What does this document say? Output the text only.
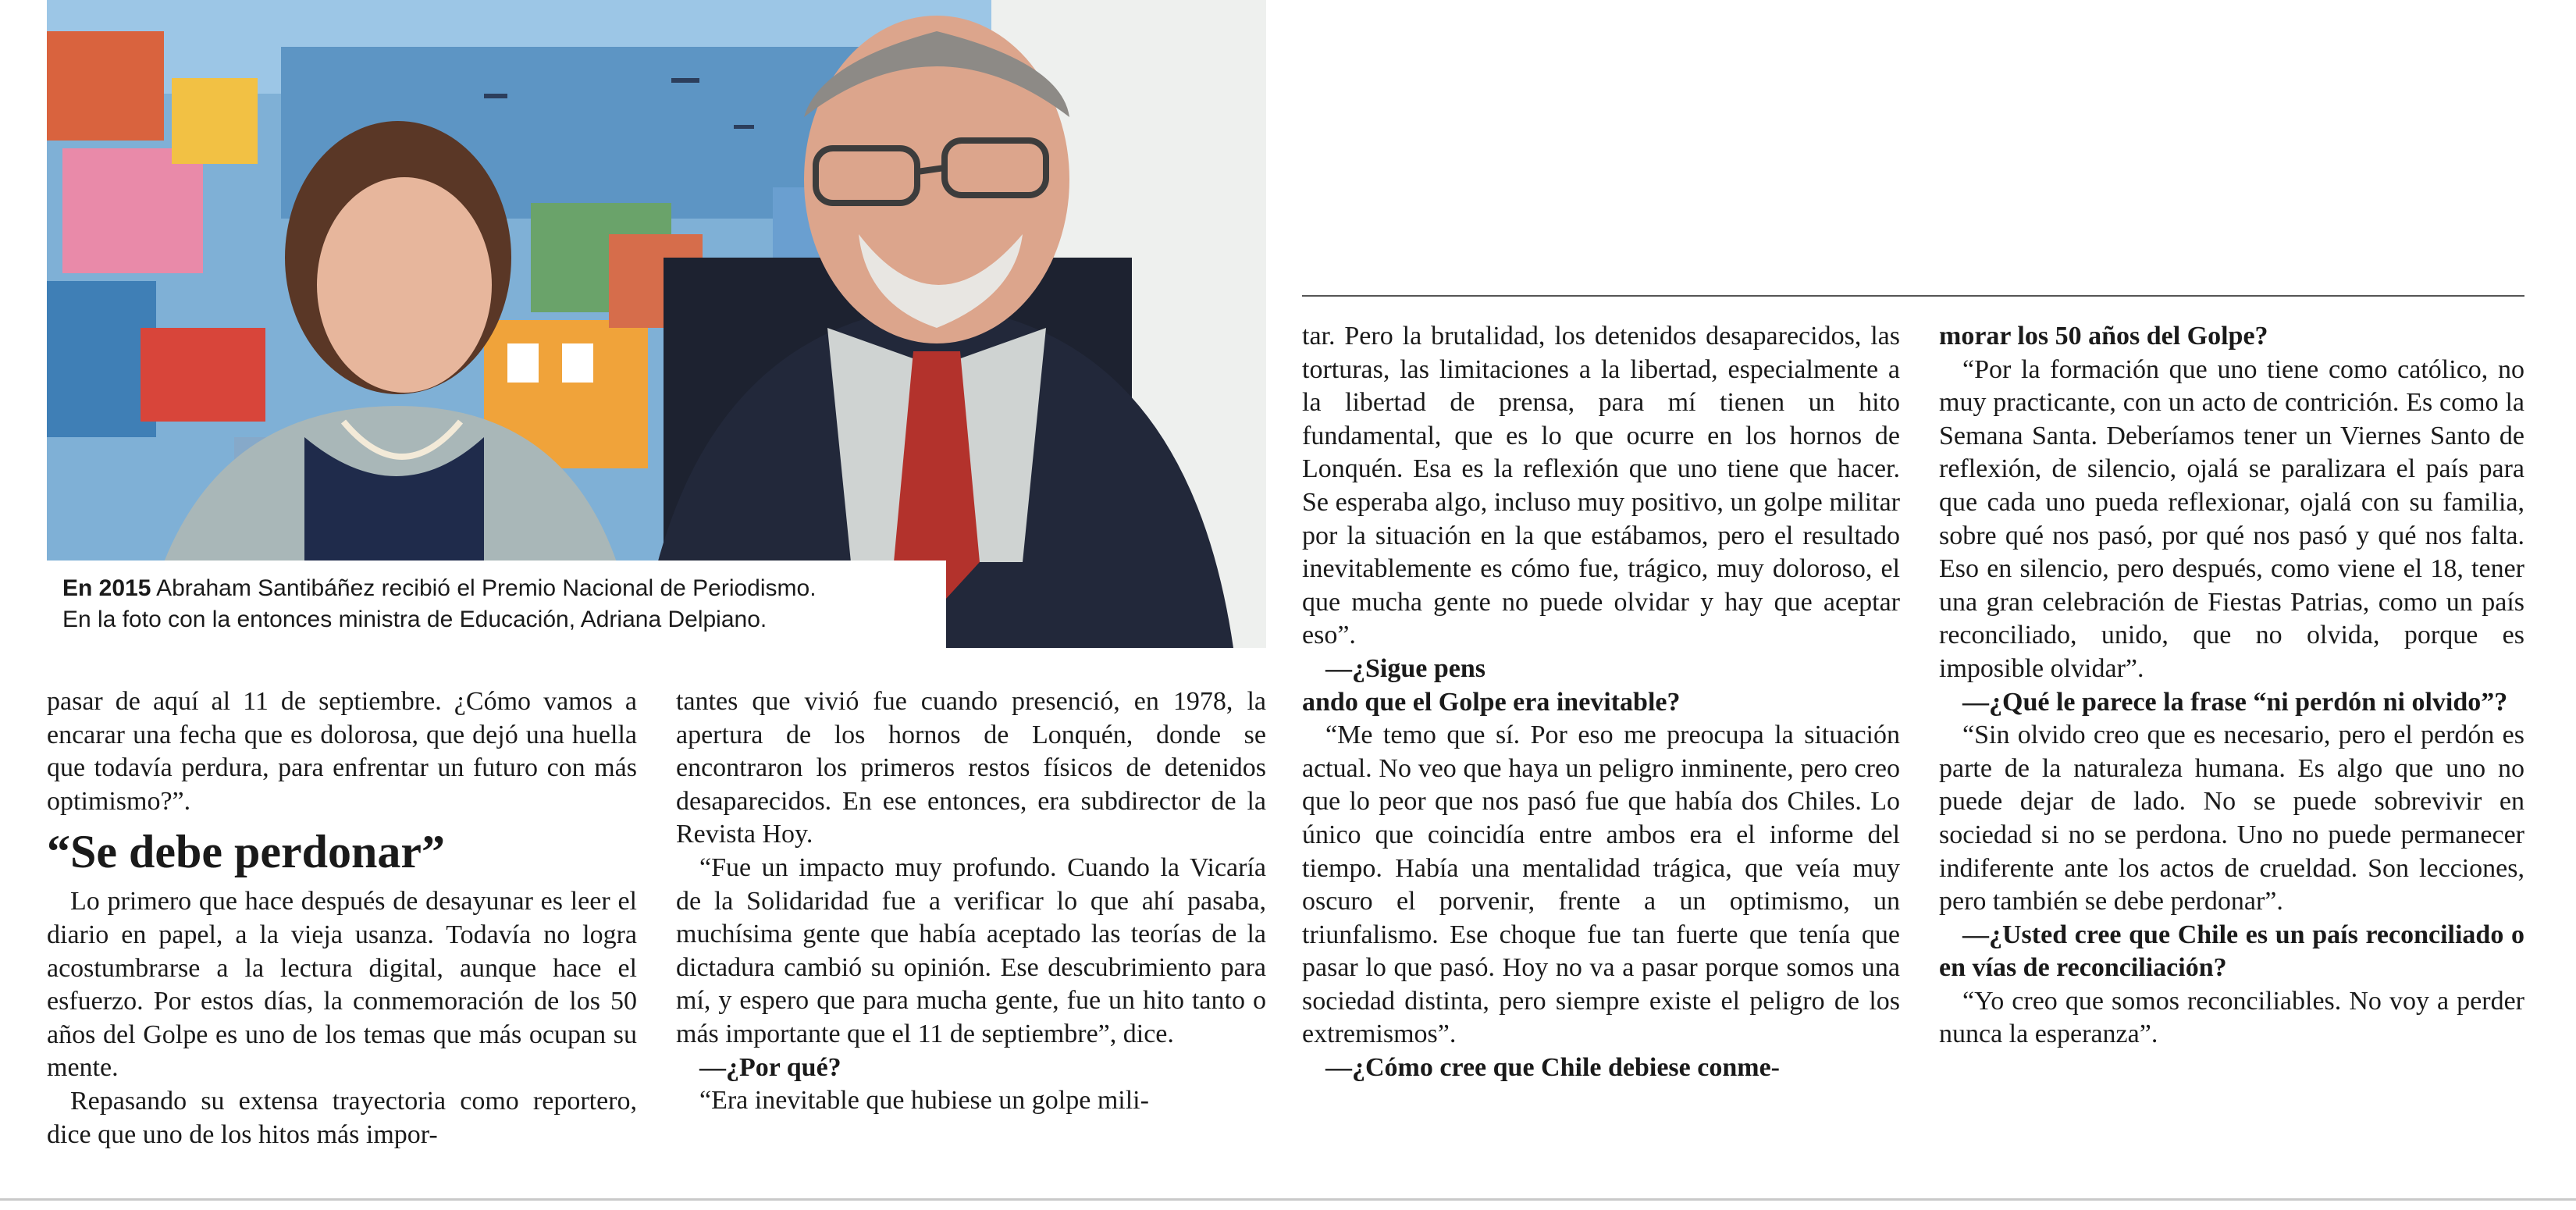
En 2015 Abraham Santibáñez recibió el Premio Nacional de Periodismo.
En la foto con la entonces ministra de Educación, Adriana Delpiano.

pasar de aquí al 11 de septiembre. ¿Cómo vamos a encarar una fecha que es dolorosa, que dejó una huella que todavía perdura, para enfrentar un futuro con más optimismo?”.

“Se debe perdonar”

Lo primero que hace después de desayunar es leer el diario en papel, a la vieja usanza. Todavía no logra acostumbrarse a la lectura digital, aunque hace el esfuerzo. Por estos días, la conmemoración de los 50 años del Golpe es uno de los temas que más ocupan su mente.

Repasando su extensa trayectoria como reportero, dice que uno de los hitos más impor-

tantes que vivió fue cuando presenció, en 1978, la apertura de los hornos de Lonquén, donde se encontraron los primeros restos físicos de detenidos desaparecidos. En ese entonces, era subdirector de la Revista Hoy.

“Fue un impacto muy profundo. Cuando la Vicaría de la Solidaridad fue a verificar lo que ahí pasaba, muchísima gente que había aceptado las teorías de la dictadura cambió su opinión. Ese descubrimiento para mí, y espero que para mucha gente, fue un hito tanto o más importante que el 11 de septiembre”, dice.

—¿Por qué?

“Era inevitable que hubiese un golpe mili-

tar. Pero la brutalidad, los detenidos desaparecidos, las torturas, las limitaciones a la libertad, especialmente a la libertad de prensa, para mí tienen un hito fundamental, que es lo que ocurre en los hornos de Lonquén. Esa es la reflexión que uno tiene que hacer. Se esperaba algo, incluso muy positivo, un golpe militar por la situación en la que estábamos, pero el resultado inevitablemente es cómo fue, trágico, muy doloroso, el que mucha gente no puede olvidar y hay que aceptar eso”.

—¿Sigue pens

ando que el Golpe era inevitable?

“Me temo que sí. Por eso me preocupa la situación actual. No veo que haya un peligro inminente, pero creo que lo peor que nos pasó fue que había dos Chiles. Lo único que coincidía entre ambos era el informe del tiempo. Había una mentalidad trágica, que veía muy oscuro el porvenir, frente a un optimismo, un triunfalismo. Ese choque fue tan fuerte que tenía que pasar lo que pasó. Hoy no va a pasar porque somos una sociedad distinta, pero siempre existe el peligro de los extremismos”.

—¿Cómo cree que Chile debiese conme-

morar los 50 años del Golpe?

“Por la formación que uno tiene como católico, no muy practicante, con un acto de contrición. Es como la Semana Santa. Deberíamos tener un Viernes Santo de reflexión, de silencio, ojalá se paralizara el país para que cada uno pueda reflexionar, ojalá con su familia, sobre qué nos pasó, por qué nos pasó y qué nos falta. Eso en silencio, pero después, como viene el 18, tener una gran celebración de Fiestas Patrias, como un país reconciliado, unido, que no olvida, porque es imposible olvidar”.

—¿Qué le parece la frase “ni perdón ni olvido”?

“Sin olvido creo que es necesario, pero el perdón es parte de la naturaleza humana. Es algo que uno no puede dejar de lado. No se puede sobrevivir en sociedad si no se perdona. Uno no puede permanecer indiferente ante los actos de crueldad. Son lecciones, pero también se debe perdonar”.

—¿Usted cree que Chile es un país reconciliado o en vías de reconciliación?

“Yo creo que somos reconciliables. No voy a perder nunca la esperanza”.
